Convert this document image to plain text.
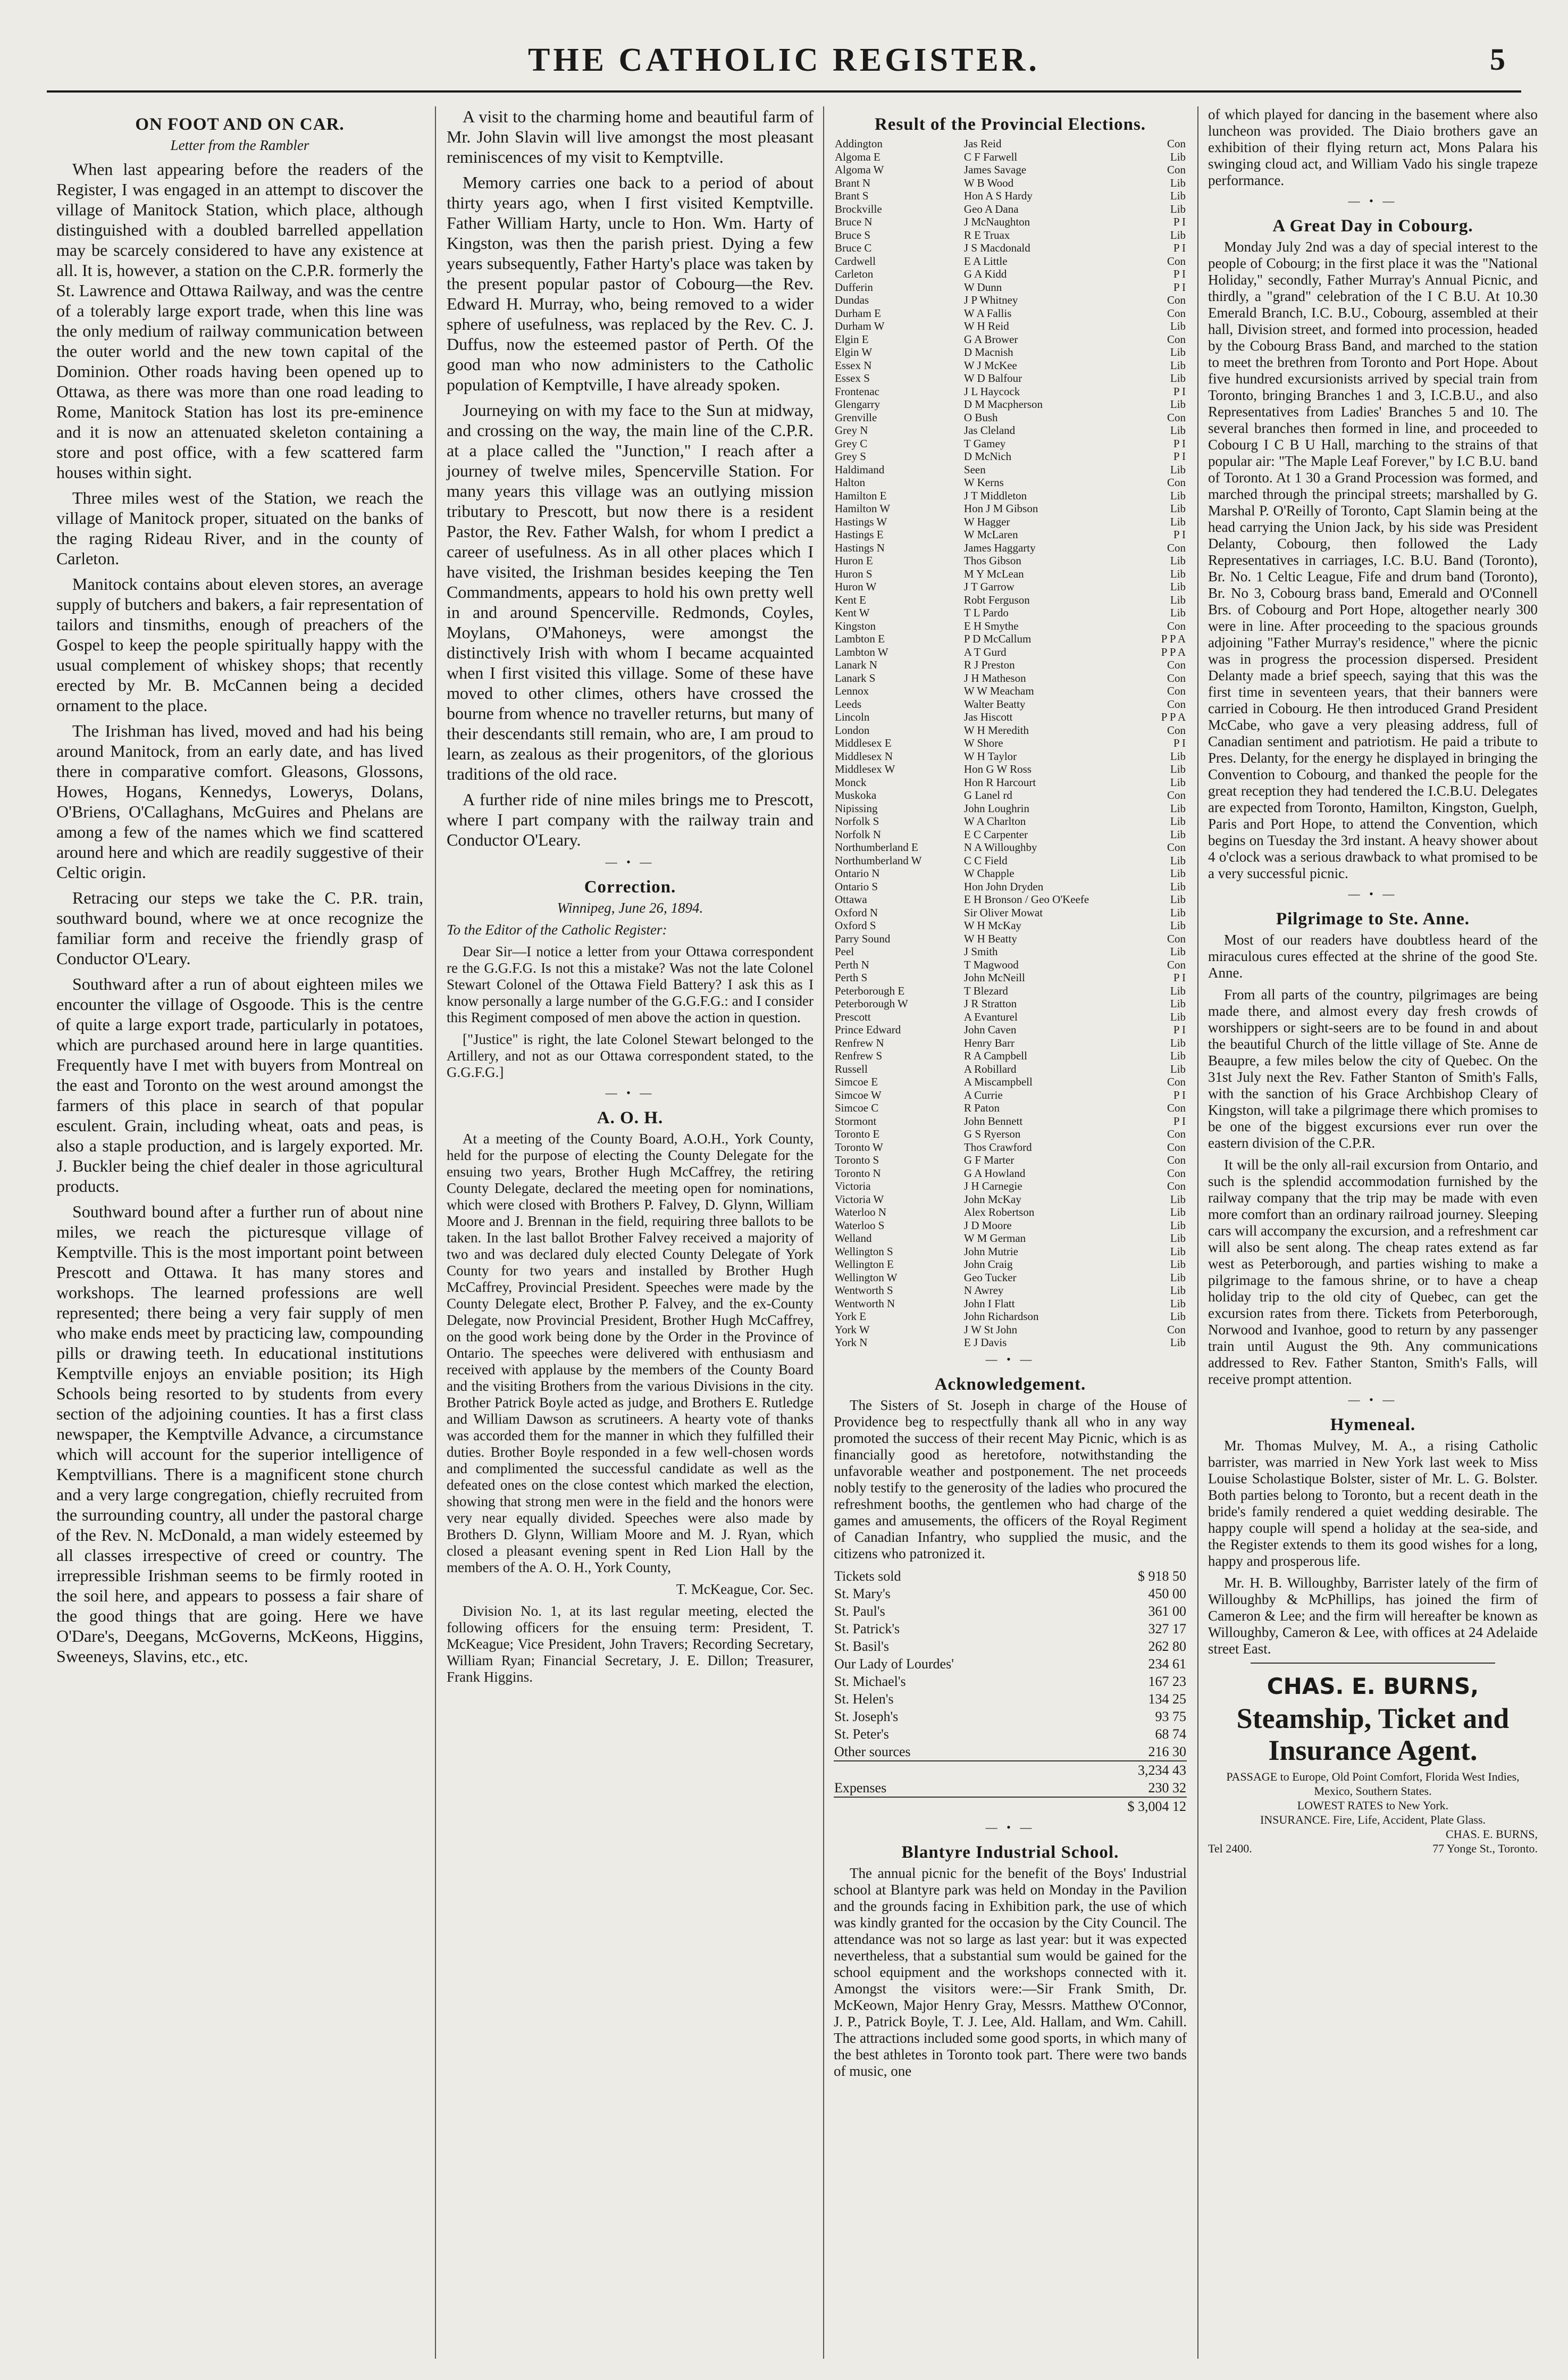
THE CATHOLIC REGISTER.	5
ON FOOT AND ON CAR.
Letter from the Rambler

When last appearing before the readers of the Register, I was engaged in an attempt to discover the village of Manitock Station, which place, although distinguished with a doubled barrelled appellation may be scarcely considered to have any existence at all. It is, however, a station on the C.P.R. formerly the St. Lawrence and Ottawa Railway, and was the centre of a tolerably large export trade, when this line was the only medium of railway communication between the outer world and the new town capital of the Dominion. Other roads having been opened up to Ottawa, as there was more than one road leading to Rome, Manitock Station has lost its pre-eminence and it is now an attenuated skeleton containing a store and post office, with a few scattered farm houses within sight.

Three miles west of the Station, we reach the village of Manitock proper, situated on the banks of the raging Rideau River, and in the county of Carleton.

Manitock contains about eleven stores, an average supply of butchers and bakers, a fair representation of tailors and tinsmiths, enough of preachers of the Gospel to keep the people spiritually happy with the usual complement of whiskey shops; that recently erected by Mr. B. McCannen being a decided ornament to the place.

The Irishman has lived, moved and had his being around Manitock, from an early date, and has lived there in comparative comfort. Gleasons, Glossons, Howes, Hogans, Kennedys, Lowerys, Dolans, O'Briens, O'Callaghans, McGuires and Phelans are among a few of the names which we find scattered around here and which are readily suggestive of their Celtic origin.

Retracing our steps we take the C. P.R. train, southward bound, where we at once recognize the familiar form and receive the friendly grasp of Conductor O'Leary.

Southward after a run of about eighteen miles we encounter the village of Osgoode. This is the centre of quite a large export trade, particularly in potatoes, which are purchased around here in large quantities. Frequently have I met with buyers from Montreal on the east and Toronto on the west around amongst the farmers of this place in search of that popular esculent. Grain, including wheat, oats and peas, is also a staple production, and is largely exported. Mr. J. Buckler being the chief dealer in those agricultural products.

Southward bound after a further run of about nine miles, we reach the picturesque village of Kemptville. This is the most important point between Prescott and Ottawa. It has many stores and workshops. The learned professions are well represented; there being a very fair supply of men who make ends meet by practicing law, compounding pills or drawing teeth. In educational institutions Kemptville enjoys an enviable position; its High Schools being resorted to by students from every section of the adjoining counties. It has a first class newspaper, the Kemptville Advance, a circumstance which will account for the superior intelligence of Kemptvillians. There is a magnificent stone church and a very large congregation, chiefly recruited from the surrounding country, all under the pastoral charge of the Rev. N. McDonald, a man widely esteemed by all classes irrespective of creed or country. The irrepressible Irishman seems to be firmly rooted in the soil here, and appears to possess a fair share of the good things that are going. Here we have O'Dare's, Deegans, McGoverns, McKeons, Higgins, Sweeneys, Slavins, etc., etc.

A visit to the charming home and beautiful farm of Mr. John Slavin will live amongst the most pleasant reminiscences of my visit to Kemptville.

Memory carries one back to a period of about thirty years ago, when I first visited Kemptville. Father William Harty, uncle to Hon. Wm. Harty of Kingston, was then the parish priest. Dying a few years subsequently, Father Harty's place was taken by the present popular pastor of Cobourg—the Rev. Edward H. Murray, who, being removed to a wider sphere of usefulness, was replaced by the Rev. C. J. Duffus, now the esteemed pastor of Perth. Of the good man who now administers to the Catholic population of Kemptville, I have already spoken.

Journeying on with my face to the Sun at midway, and crossing on the way, the main line of the C.P.R. at a place called the "Junction," I reach after a journey of twelve miles, Spencerville Station. For many years this village was an outlying mission tributary to Prescott, but now there is a resident Pastor, the Rev. Father Walsh, for whom I predict a career of usefulness. As in all other places which I have visited, the Irishman besides keeping the Ten Commandments, appears to hold his own pretty well in and around Spencerville. Redmonds, Coyles, Moylans, O'Mahoneys, were amongst the distinctively Irish with whom I became acquainted when I first visited this village. Some of these have moved to other climes, others have crossed the bourne from whence no traveller returns, but many of their descendants still remain, who are, I am proud to learn, as zealous as their progenitors, of the glorious traditions of the old race.

A further ride of nine miles brings me to Prescott, where I part company with the railway train and Conductor O'Leary.

— • —
Correction.
Winnipeg, June 26, 1894.

To the Editor of the Catholic Register:

Dear Sir—I notice a letter from your Ottawa correspondent re the G.G.F.G. Is not this a mistake? Was not the late Colonel Stewart Colonel of the Ottawa Field Battery? I ask this as I know personally a large number of the G.G.F.G.: and I consider this Regiment composed of men above the action in question.

["Justice" is right, the late Colonel Stewart belonged to the Artillery, and not as our Ottawa correspondent stated, to the G.G.F.G.]

— • —
A. O. H.

At a meeting of the County Board, A.O.H., York County, held for the purpose of electing the County Delegate for the ensuing two years, Brother Hugh McCaffrey, the retiring County Delegate, declared the meeting open for nominations, which were closed with Brothers P. Falvey, D. Glynn, William Moore and J. Brennan in the field, requiring three ballots to be taken. In the last ballot Brother Falvey received a majority of two and was declared duly elected County Delegate of York County for two years and installed by Brother Hugh McCaffrey, Provincial President. Speeches were made by the County Delegate elect, Brother P. Falvey, and the ex-County Delegate, now Provincial President, Brother Hugh McCaffrey, on the good work being done by the Order in the Province of Ontario. The speeches were delivered with enthusiasm and received with applause by the members of the County Board and the visiting Brothers from the various Divisions in the city. Brother Patrick Boyle acted as judge, and Brothers E. Rutledge and William Dawson as scrutineers. A hearty vote of thanks was accorded them for the manner in which they fulfilled their duties. Brother Boyle responded in a few well-chosen words and complimented the successful candidate as well as the defeated ones on the close contest which marked the election, showing that strong men were in the field and the honors were very near equally divided. Speeches were also made by Brothers D. Glynn, William Moore and M. J. Ryan, which closed a pleasant evening spent in Red Lion Hall by the members of the A. O. H., York County,

T. McKeague, Cor. Sec.

Division No. 1, at its last regular meeting, elected the following officers for the ensuing term: President, T. McKeague; Vice President, John Travers; Recording Secretary, William Ryan; Financial Secretary, J. E. Dillon; Treasurer, Frank Higgins.

Result of the Provincial Elections.
Addington	Jas Reid	Con
Algoma E	C F Farwell	Lib
Algoma W	James Savage	Con
Brant N	W B Wood	Lib
Brant S	Hon A S Hardy	Lib
Brockville	Geo A Dana	Lib
Bruce N	J McNaughton	P I
Bruce S	R E Truax	Lib
Bruce C	J S Macdonald	P I
Cardwell	E A Little	Con
Carleton	G A Kidd	P I
Dufferin	W Dunn	P I
Dundas	J P Whitney	Con
Durham E	W A Fallis	Con
Durham W	W H Reid	Lib
Elgin E	G A Brower	Con
Elgin W	D Macnish	Lib
Essex N	W J McKee	Lib
Essex S	W D Balfour	Lib
Frontenac	J L Haycock	P I
Glengarry	D M Macpherson	Lib
Grenville	O Bush	Con
Grey N	Jas Cleland	Lib
Grey C	T Gamey	P I
Grey S	D McNich	P I
Haldimand	Seen	Lib
Halton	W Kerns	Con
Hamilton E	J T Middleton	Lib
Hamilton W	Hon J M Gibson	Lib
Hastings W	W Hagger	Lib
Hastings E	W McLaren	P I
Hastings N	James Haggarty	Con
Huron E	Thos Gibson	Lib
Huron S	M Y McLean	Lib
Huron W	J T Garrow	Lib
Kent E	Robt Ferguson	Lib
Kent W	T L Pardo	Lib
Kingston	E H Smythe	Con
Lambton E	P D McCallum	P P A
Lambton W	A T Gurd	P P A
Lanark N	R J Preston	Con
Lanark S	J H Matheson	Con
Lennox	W W Meacham	Con
Leeds	Walter Beatty	Con
Lincoln	Jas Hiscott	P P A
London	W H Meredith	Con
Middlesex E	W Shore	P I
Middlesex N	W H Taylor	Lib
Middlesex W	Hon G W Ross	Lib
Monck	Hon R Harcourt	Lib
Muskoka	G Lanel rd	Con
Nipissing	John Loughrin	Lib
Norfolk S	W A Charlton	Lib
Norfolk N	E C Carpenter	Lib
Northumberland E	N A Willoughby	Con
Northumberland W	C C Field	Lib
Ontario N	W Chapple	Lib
Ontario S	Hon John Dryden	Lib
Ottawa	E H Bronson / Geo O'Keefe	Lib
Oxford N	Sir Oliver Mowat	Lib
Oxford S	W H McKay	Lib
Parry Sound	W H Beatty	Con
Peel	J Smith	Lib
Perth N	T Magwood	Con
Perth S	John McNeill	P I
Peterborough E	T Blezard	Lib
Peterborough W	J R Stratton	Lib
Prescott	A Evanturel	Lib
Prince Edward	John Caven	P I
Renfrew N	Henry Barr	Lib
Renfrew S	R A Campbell	Lib
Russell	A Robillard	Lib
Simcoe E	A Miscampbell	Con
Simcoe W	A Currie	P I
Simcoe C	R Paton	Con
Stormont	John Bennett	P I
Toronto E	G S Ryerson	Con
Toronto W	Thos Crawford	Con
Toronto S	G F Marter	Con
Toronto N	G A Howland	Con
Victoria	J H Carnegie	Con
Victoria W	John McKay	Lib
Waterloo N	Alex Robertson	Lib
Waterloo S	J D Moore	Lib
Welland	W M German	Lib
Wellington S	John Mutrie	Lib
Wellington E	John Craig	Lib
Wellington W	Geo Tucker	Lib
Wentworth S	N Awrey	Lib
Wentworth N	John I Flatt	Lib
York E	John Richardson	Lib
York W	J W St John	Con
York N	E J Davis	Lib
— • —
Acknowledgement.

The Sisters of St. Joseph in charge of the House of Providence beg to respectfully thank all who in any way promoted the success of their recent May Picnic, which is as financially good as heretofore, notwithstanding the unfavorable weather and postponement. The net proceeds nobly testify to the generosity of the ladies who procured the refreshment booths, the gentlemen who had charge of the games and amusements, the officers of the Royal Regiment of Canadian Infantry, who supplied the music, and the citizens who patronized it.

Tickets sold	$ 918 50
St. Mary's	450 00
St. Paul's	361 00
St. Patrick's	327 17
St. Basil's	262 80
Our Lady of Lourdes'	234 61
St. Michael's	167 23
St. Helen's	134 25
St. Joseph's	93 75
St. Peter's	68 74
Other sources	216 30
	3,234 43
Expenses	230 32
	$ 3,004 12
— • —
Blantyre Industrial School.

The annual picnic for the benefit of the Boys' Industrial school at Blantyre park was held on Monday in the Pavilion and the grounds facing in Exhibition park, the use of which was kindly granted for the occasion by the City Council. The attendance was not so large as last year: but it was expected nevertheless, that a substantial sum would be gained for the school equipment and the workshops connected with it. Amongst the visitors were:—Sir Frank Smith, Dr. McKeown, Major Henry Gray, Messrs. Matthew O'Connor, J. P., Patrick Boyle, T. J. Lee, Ald. Hallam, and Wm. Cahill. The attractions included some good sports, in which many of the best athletes in Toronto took part. There were two bands of music, one

of which played for dancing in the basement where also luncheon was provided. The Diaio brothers gave an exhibition of their flying return act, Mons Palara his swinging cloud act, and William Vado his single trapeze performance.

— • —
A Great Day in Cobourg.

Monday July 2nd was a day of special interest to the people of Cobourg; in the first place it was the "National Holiday," secondly, Father Murray's Annual Picnic, and thirdly, a "grand" celebration of the I C B.U. At 10.30 Emerald Branch, I.C. B.U., Cobourg, assembled at their hall, Division street, and formed into procession, headed by the Cobourg Brass Band, and marched to the station to meet the brethren from Toronto and Port Hope. About five hundred excursionists arrived by special train from Toronto, bringing Branches 1 and 3, I.C.B.U., and also Representatives from Ladies' Branches 5 and 10. The several branches then formed in line, and proceeded to Cobourg I C B U Hall, marching to the strains of that popular air: "The Maple Leaf Forever," by I.C B.U. band of Toronto. At 1 30 a Grand Procession was formed, and marched through the principal streets; marshalled by G. Marshal P. O'Reilly of Toronto, Capt Slamin being at the head carrying the Union Jack, by his side was President Delanty, Cobourg, then followed the Lady Representatives in carriages, I.C. B.U. Band (Toronto), Br. No. 1 Celtic League, Fife and drum band (Toronto), Br. No 3, Cobourg brass band, Emerald and O'Connell Brs. of Cobourg and Port Hope, altogether nearly 300 were in line. After proceeding to the spacious grounds adjoining "Father Murray's residence," where the picnic was in progress the procession dispersed. President Delanty made a brief speech, saying that this was the first time in seventeen years, that their banners were carried in Cobourg. He then introduced Grand President McCabe, who gave a very pleasing address, full of Canadian sentiment and patriotism. He paid a tribute to Pres. Delanty, for the energy he displayed in bringing the Convention to Cobourg, and thanked the people for the great reception they had tendered the I.C.B.U. Delegates are expected from Toronto, Hamilton, Kingston, Guelph, Paris and Port Hope, to attend the Convention, which begins on Tuesday the 3rd instant. A heavy shower about 4 o'clock was a serious drawback to what promised to be a very successful picnic.

— • —
Pilgrimage to Ste. Anne.

Most of our readers have doubtless heard of the miraculous cures effected at the shrine of the good Ste. Anne.

From all parts of the country, pilgrimages are being made there, and almost every day fresh crowds of worshippers or sight-seers are to be found in and about the beautiful Church of the little village of Ste. Anne de Beaupre, a few miles below the city of Quebec. On the 31st July next the Rev. Father Stanton of Smith's Falls, with the sanction of his Grace Archbishop Cleary of Kingston, will take a pilgrimage there which promises to be one of the biggest excursions ever run over the eastern division of the C.P.R.

It will be the only all-rail excursion from Ontario, and such is the splendid accommodation furnished by the railway company that the trip may be made with even more comfort than an ordinary railroad journey. Sleeping cars will accompany the excursion, and a refreshment car will also be sent along. The cheap rates extend as far west as Peterborough, and parties wishing to make a pilgrimage to the famous shrine, or to have a cheap holiday trip to the old city of Quebec, can get the excursion rates from there. Tickets from Peterborough, Norwood and Ivanhoe, good to return by any passenger train until August the 9th. Any communications addressed to Rev. Father Stanton, Smith's Falls, will receive prompt attention.

— • —
Hymeneal.

Mr. Thomas Mulvey, M. A., a rising Catholic barrister, was married in New York last week to Miss Louise Scholastique Bolster, sister of Mr. L. G. Bolster. Both parties belong to Toronto, but a recent death in the bride's family rendered a quiet wedding desirable. The happy couple will spend a holiday at the sea-side, and the Register extends to them its good wishes for a long, happy and prosperous life.

Mr. H. B. Willoughby, Barrister lately of the firm of Willoughby & McPhillips, has joined the firm of Cameron & Lee; and the firm will hereafter be known as Willoughby, Cameron & Lee, with offices at 24 Adelaide street East.

CHAS. E. BURNS,
Steamship, Ticket and Insurance Agent.
PASSAGE to Europe, Old Point Comfort, Florida West Indies, Mexico, Southern States.
LOWEST RATES to New York.
INSURANCE. Fire, Life, Accident, Plate Glass.
CHAS. E. BURNS,
Tel 2400.	77 Yonge St., Toronto.
